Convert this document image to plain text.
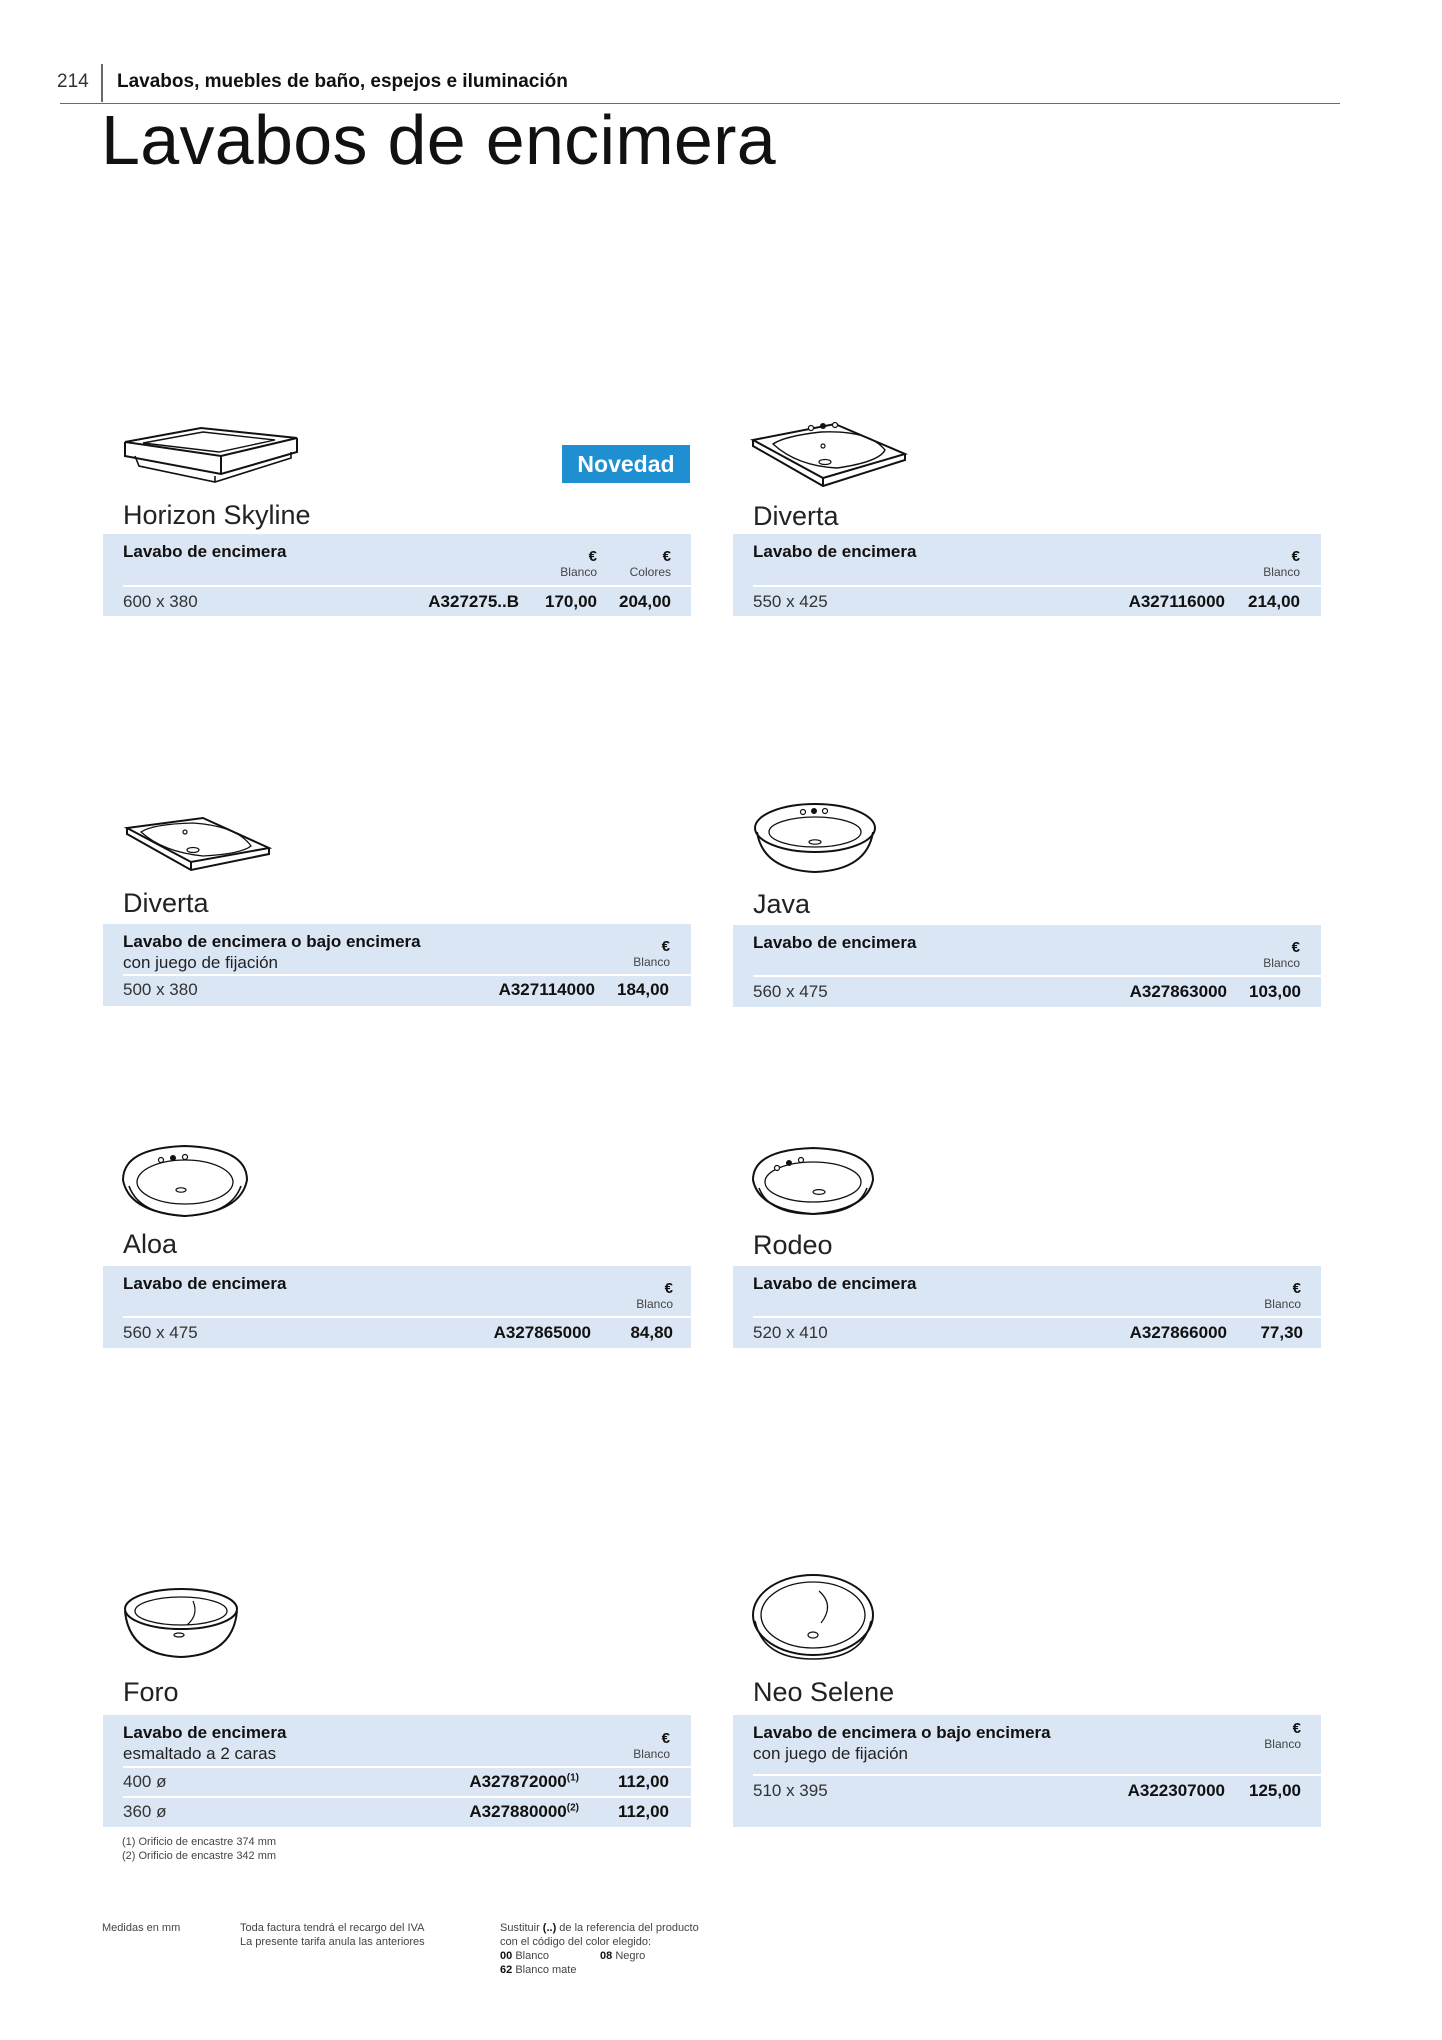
214 Lavabos, muebles de baño, espejos e iluminación
Lavabos de encimera
Horizon Skyline
Lavabo de encimera	€
Blanco
€
Colores
600 x 380	A327275..B	170,00	204,00
Novedad
Diverta
Lavabo de encimera	€
Blanco
550 x 425	A327116000	214,00
Diverta
Lavabo de encimera o bajo encimera
con juego de fijación
€
Blanco
500 x 380	A327114000	184,00
Java
Lavabo de encimera	€
Blanco
560 x 475	A327863000	103,00
Aloa
Lavabo de encimera	€
Blanco
560 x 475	A327865000	84,80
Rodeo
Lavabo de encimera	€
Blanco
520 x 410	A327866000	77,30
Foro
Lavabo de encimera
esmaltado a 2 caras
€
Blanco
400 ø	A327872000$^{(1)}$	112,00
360 ø	A327880000$^{(2)}$	112,00
(1) Orificio de encastre 374 mm
(2) Orificio de encastre 342 mm
Neo Selene
Lavabo de encimera o bajo encimera
con juego de fijación
€
Blanco
510 x 395	A322307000	125,00
Medidas en mm	Toda factura tendrá el recargo del IVA
La presente tarifa anula las anteriores
Sustituir (..) de la referencia del producto
con el código del color elegido:
00 Blanco	08 Negro
62 Blanco mate
